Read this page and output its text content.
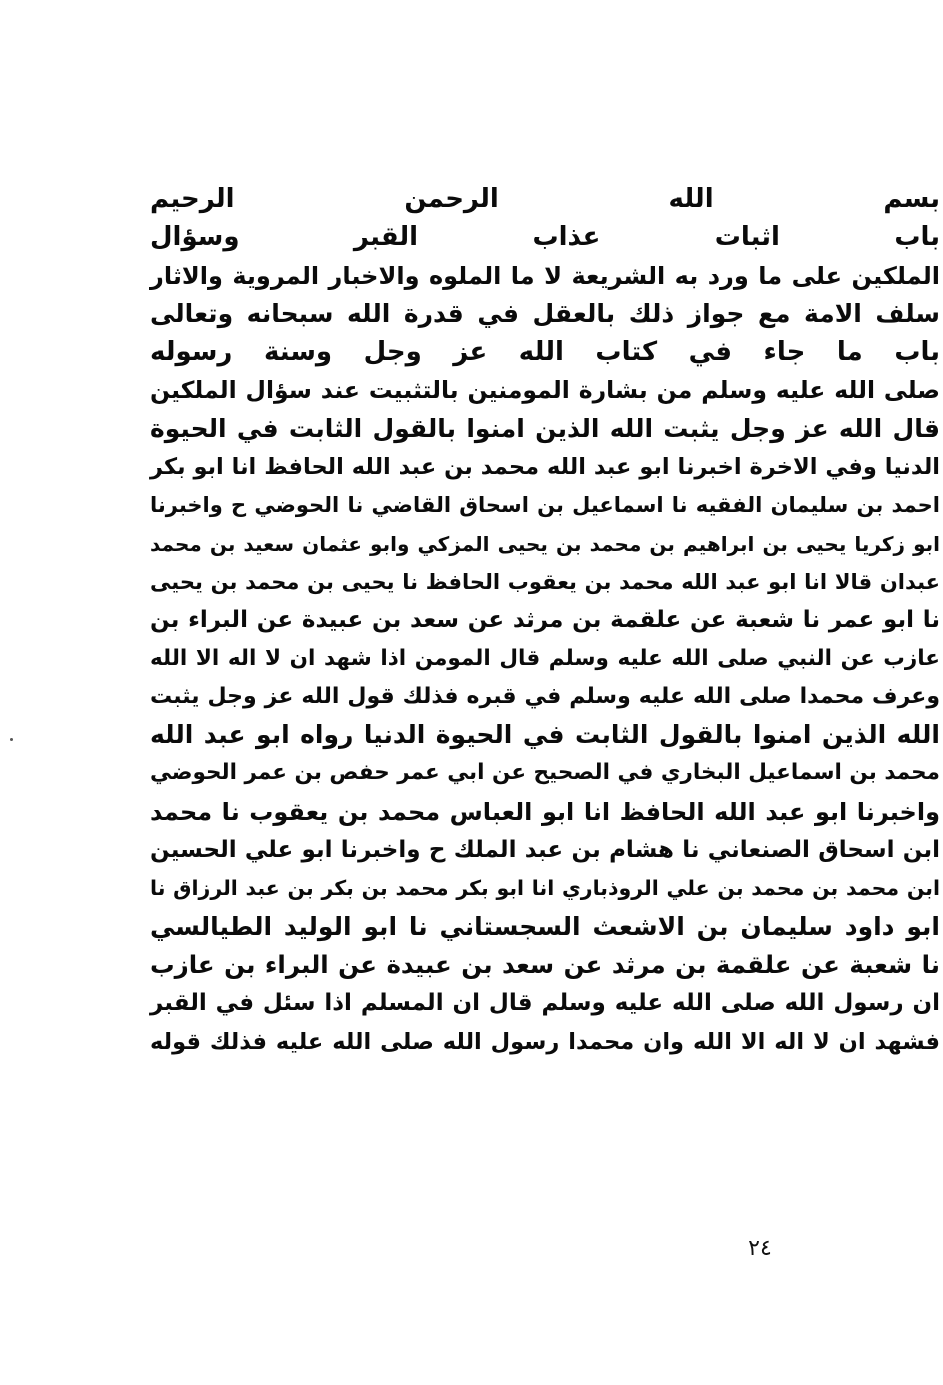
بسم الله الرحمن الرحيم
باب اثبات عذاب القبر وسؤال
الملكين على ما ورد به الشريعة لا ما الملوه والاخبار المروية والاثار
سلف الامة مع جواز ذلك بالعقل في قدرة الله سبحانه وتعالى
باب ما جاء في كتاب الله عز وجل وسنة رسوله
صلى الله عليه وسلم من بشارة المومنين بالتثبيت عند سؤال الملكين
قال الله عز وجل يثبت الله الذين امنوا بالقول الثابت في الحيوة
الدنيا وفي الاخرة اخبرنا ابو عبد الله محمد بن عبد الله الحافظ انا ابو بكر
احمد بن سليمان الفقيه نا اسماعيل بن اسحاق القاضي نا الحوضي ح واخبرنا
ابو زكريا يحيى بن ابراهيم بن محمد بن يحيى المزكي وابو عثمان سعيد بن محمد
عبدان قالا انا ابو عبد الله محمد بن يعقوب الحافظ نا يحيى بن محمد بن يحيى
نا ابو عمر نا شعبة عن علقمة بن مرثد عن سعد بن عبيدة عن البراء بن
عازب عن النبي صلى الله عليه وسلم قال المومن اذا شهد ان لا اله الا الله
وعرف محمدا صلى الله عليه وسلم في قبره فذلك قول الله عز وجل يثبت
الله الذين امنوا بالقول الثابت في الحيوة الدنيا رواه ابو عبد الله
محمد بن اسماعيل البخاري في الصحيح عن ابي عمر حفص بن عمر الحوضي
واخبرنا ابو عبد الله الحافظ انا ابو العباس محمد بن يعقوب نا محمد
ابن اسحاق الصنعاني نا هشام بن عبد الملك ح واخبرنا ابو علي الحسين
ابن محمد بن محمد بن علي الروذباري انا ابو بكر محمد بن بكر بن عبد الرزاق نا
ابو داود سليمان بن الاشعث السجستاني نا ابو الوليد الطيالسي
نا شعبة عن علقمة بن مرثد عن سعد بن عبيدة عن البراء بن عازب
ان رسول الله صلى الله عليه وسلم قال ان المسلم اذا سئل في القبر
فشهد ان لا اله الا الله وان محمدا رسول الله صلى الله عليه فذلك قوله
٢٤
